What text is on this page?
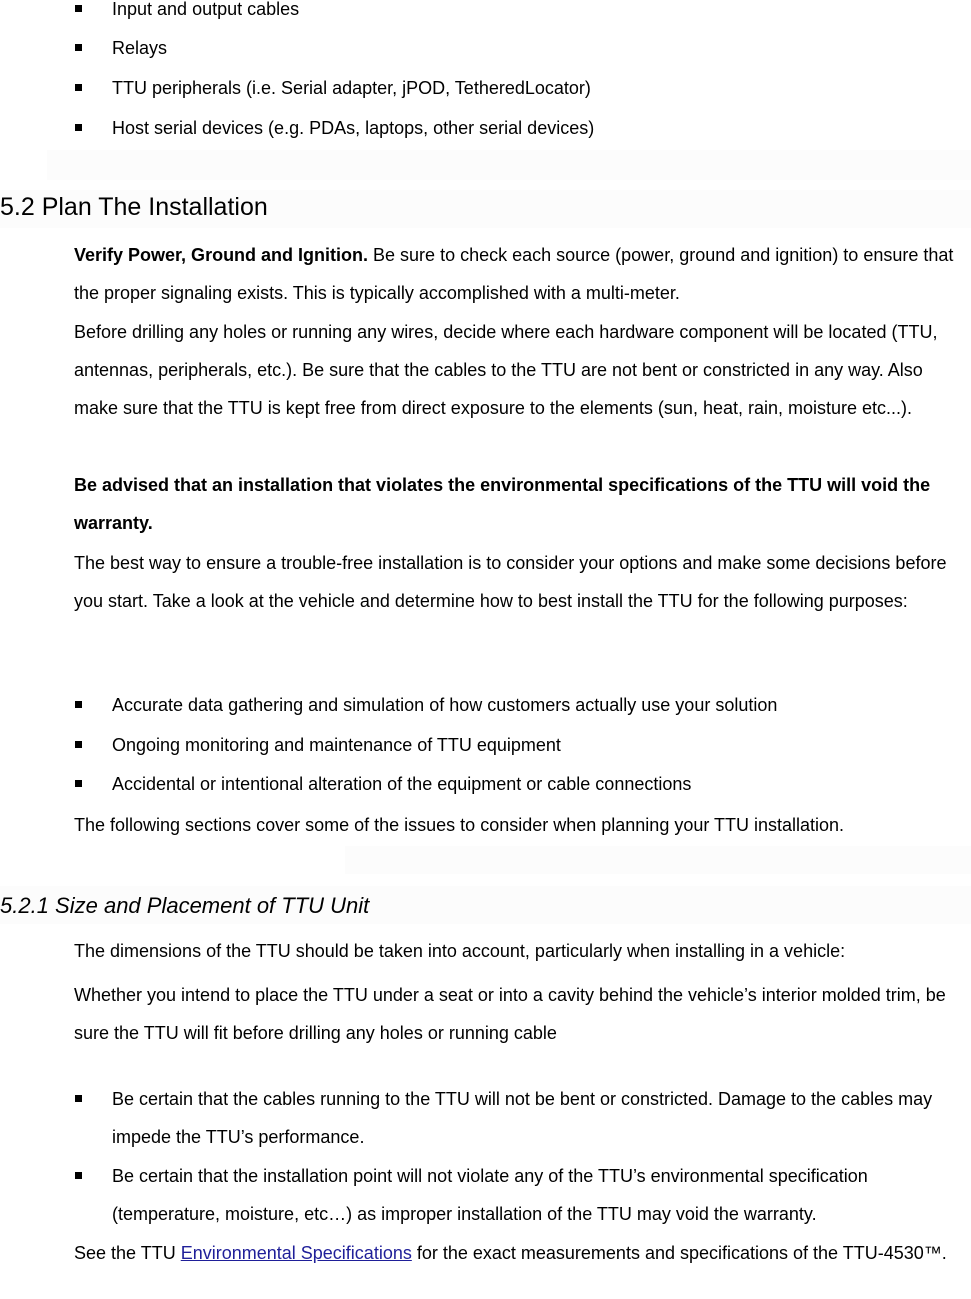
Input and output cables
Relays
TTU peripherals (i.e. Serial adapter, jPOD, TetheredLocator)
Host serial devices (e.g. PDAs, laptops, other serial devices)
5.2 Plan The Installation
Verify Power, Ground and Ignition. Be sure to check each source (power, ground and ignition) to ensure that the proper signaling exists. This is typically accomplished with a multi-meter.
Before drilling any holes or running any wires, decide where each hardware component will be located (TTU, antennas, peripherals, etc.). Be sure that the cables to the TTU are not bent or constricted in any way. Also make sure that the TTU is kept free from direct exposure to the elements (sun, heat, rain, moisture etc...).
Be advised that an installation that violates the environmental specifications of the TTU will void the warranty.
The best way to ensure a trouble-free installation is to consider your options and make some decisions before you start. Take a look at the vehicle and determine how to best install the TTU for the following purposes:
Accurate data gathering and simulation of how customers actually use your solution
Ongoing monitoring and maintenance of TTU equipment
Accidental or intentional alteration of the equipment or cable connections
The following sections cover some of the issues to consider when planning your TTU installation.
5.2.1 Size and Placement of TTU Unit
The dimensions of the TTU should be taken into account, particularly when installing in a vehicle:
Whether you intend to place the TTU under a seat or into a cavity behind the vehicle’s interior molded trim, be sure the TTU will fit before drilling any holes or running cable
Be certain that the cables running to the TTU will not be bent or constricted. Damage to the cables may impede the TTU’s performance.
Be certain that the installation point will not violate any of the TTU’s environmental specification (temperature, moisture, etc…) as improper installation of the TTU may void the warranty.
See the TTU Environmental Specifications for the exact measurements and specifications of the TTU-4530™.
